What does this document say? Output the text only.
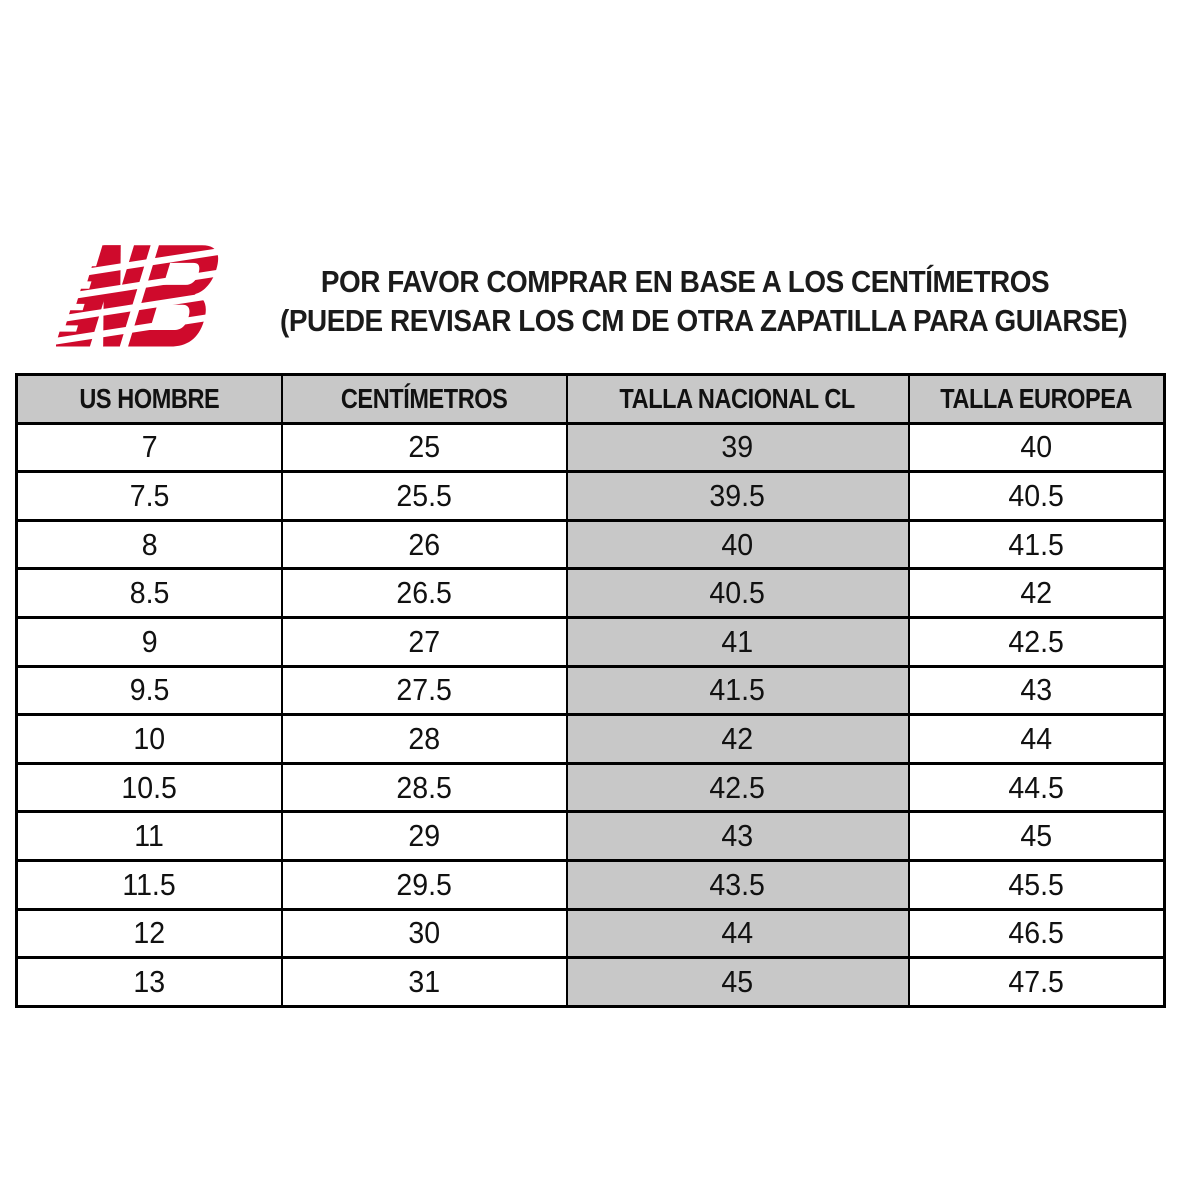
POR FAVOR COMPRAR EN BASE A LOS CENTÍMETROS
(PUEDE REVISAR LOS CM DE OTRA ZAPATILLA PARA GUIARSE)
US HOMBRE	CENTÍMETROS	TALLA NACIONAL CL	TALLA EUROPEA
7	25	39	40
7.5	25.5	39.5	40.5
8	26	40	41.5
8.5	26.5	40.5	42
9	27	41	42.5
9.5	27.5	41.5	43
10	28	42	44
10.5	28.5	42.5	44.5
11	29	43	45
11.5	29.5	43.5	45.5
12	30	44	46.5
13	31	45	47.5
